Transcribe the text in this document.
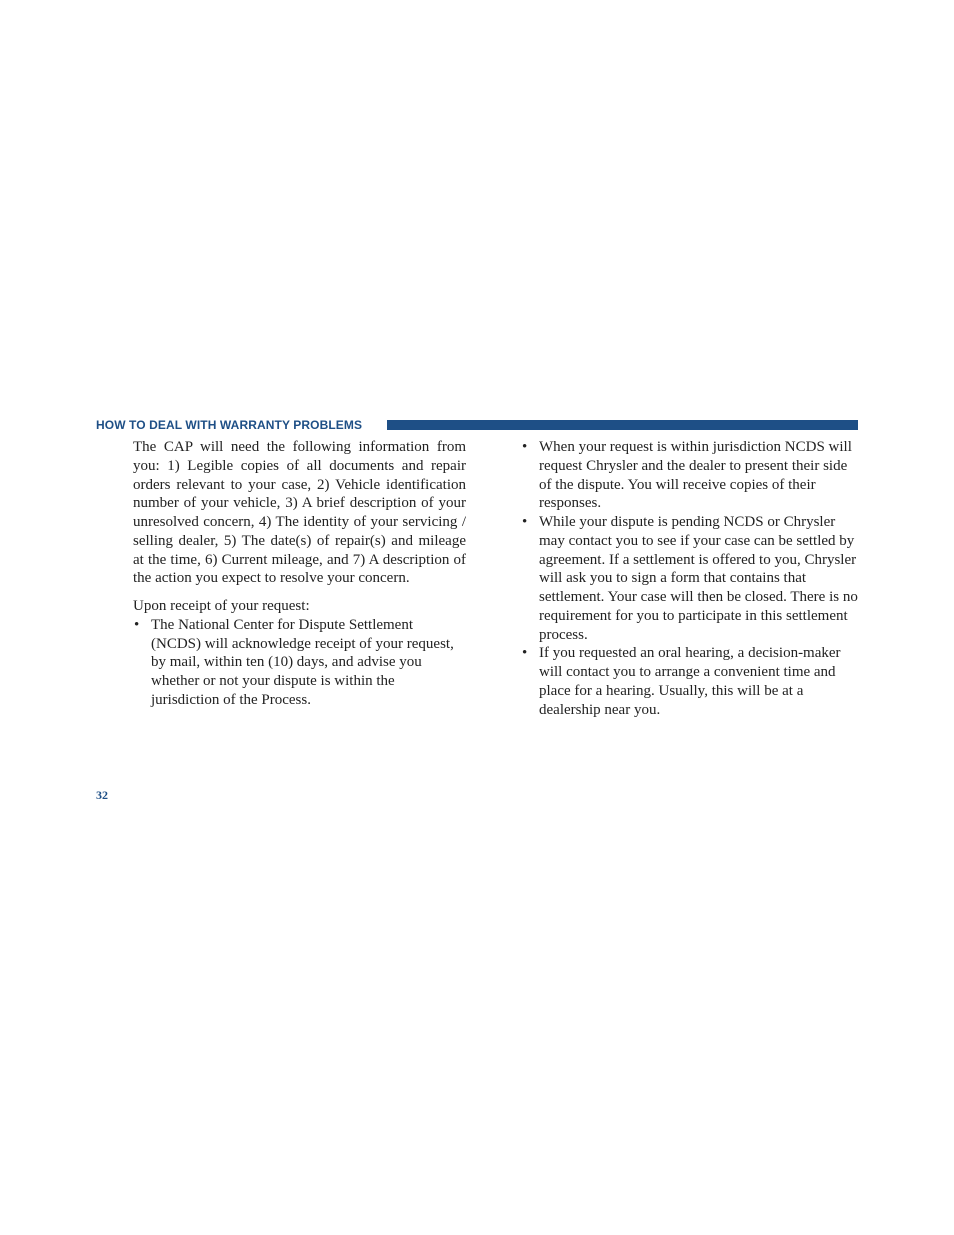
HOW TO DEAL WITH WARRANTY PROBLEMS

The CAP will need the following information from you: 1) Legible copies of all documents and repair orders relevant to your case, 2) Vehicle identification number of your vehicle, 3) A brief description of your unresolved concern, 4) The identity of your servicing / selling dealer, 5) The date(s) of repair(s) and mileage at the time, 6) Current mileage, and 7) A description of the action you expect to resolve your concern.

Upon receipt of your request:

• The National Center for Dispute Settlement (NCDS) will acknowledge receipt of your request, by mail, within ten (10) days, and advise you whether or not your dispute is within the jurisdiction of the Process.
• When your request is within jurisdiction NCDS will request Chrysler and the dealer to present their side of the dispute. You will receive copies of their responses.
• While your dispute is pending NCDS or Chrysler may contact you to see if your case can be settled by agreement. If a settlement is offered to you, Chrysler will ask you to sign a form that contains that settlement. Your case will then be closed. There is no requirement for you to participate in this settlement process.
• If you requested an oral hearing, a decision-maker will contact you to arrange a convenient time and place for a hearing. Usually, this will be at a dealership near you.
32
